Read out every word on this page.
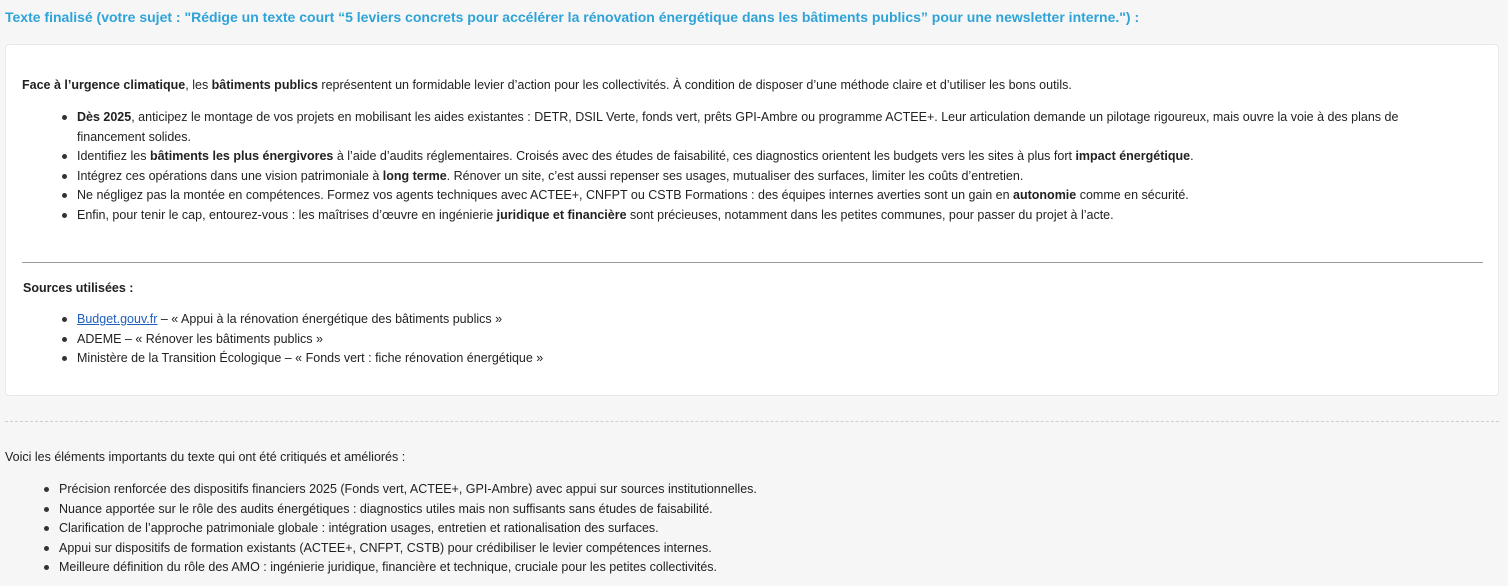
Texte finalisé (votre sujet : "Rédige un texte court “5 leviers concrets pour accélérer la rénovation énergétique dans les bâtiments publics” pour une newsletter interne.") :
Face à l’urgence climatique, les bâtiments publics représentent un formidable levier d’action pour les collectivités. À condition de disposer d’une méthode claire et d’utiliser les bons outils.
Dès 2025, anticipez le montage de vos projets en mobilisant les aides existantes : DETR, DSIL Verte, fonds vert, prêts GPI-Ambre ou programme ACTEE+. Leur articulation demande un pilotage rigoureux, mais ouvre la voie à des plans de financement solides.
Identifiez les bâtiments les plus énergivores à l’aide d’audits réglementaires. Croisés avec des études de faisabilité, ces diagnostics orientent les budgets vers les sites à plus fort impact énergétique.
Intégrez ces opérations dans une vision patrimoniale à long terme. Rénover un site, c’est aussi repenser ses usages, mutualiser des surfaces, limiter les coûts d’entretien.
Ne négligez pas la montée en compétences. Formez vos agents techniques avec ACTEE+, CNFPT ou CSTB Formations : des équipes internes averties sont un gain en autonomie comme en sécurité.
Enfin, pour tenir le cap, entourez-vous : les maîtrises d’œuvre en ingénierie juridique et financière sont précieuses, notamment dans les petites communes, pour passer du projet à l’acte.
Sources utilisées :
Budget.gouv.fr – « Appui à la rénovation énergétique des bâtiments publics »
ADEME – « Rénover les bâtiments publics »
Ministère de la Transition Écologique – « Fonds vert : fiche rénovation énergétique »
Voici les éléments importants du texte qui ont été critiqués et améliorés :
Précision renforcée des dispositifs financiers 2025 (Fonds vert, ACTEE+, GPI-Ambre) avec appui sur sources institutionnelles.
Nuance apportée sur le rôle des audits énergétiques : diagnostics utiles mais non suffisants sans études de faisabilité.
Clarification de l’approche patrimoniale globale : intégration usages, entretien et rationalisation des surfaces.
Appui sur dispositifs de formation existants (ACTEE+, CNFPT, CSTB) pour crédibiliser le levier compétences internes.
Meilleure définition du rôle des AMO : ingénierie juridique, financière et technique, cruciale pour les petites collectivités.
